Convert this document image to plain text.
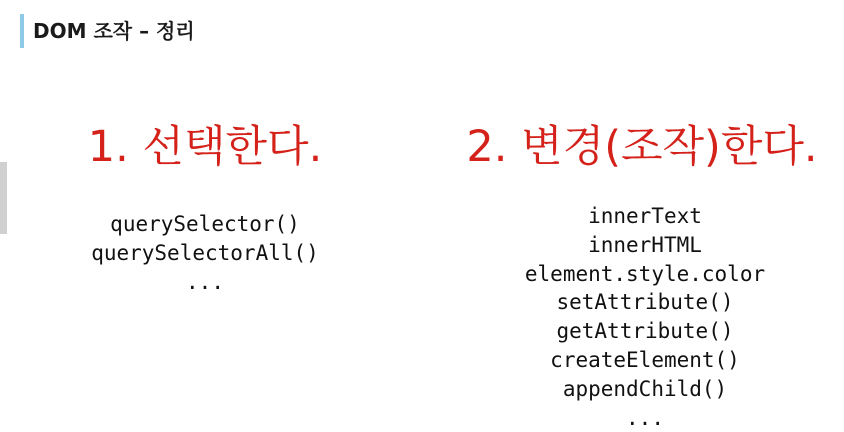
DOM 조작 – 정리
1. 선택한다.
querySelector()
querySelectorAll()
...
2. 변경(조작)한다.
innerText
innerHTML
element.style.color
setAttribute()
getAttribute()
createElement()
appendChild()
...
